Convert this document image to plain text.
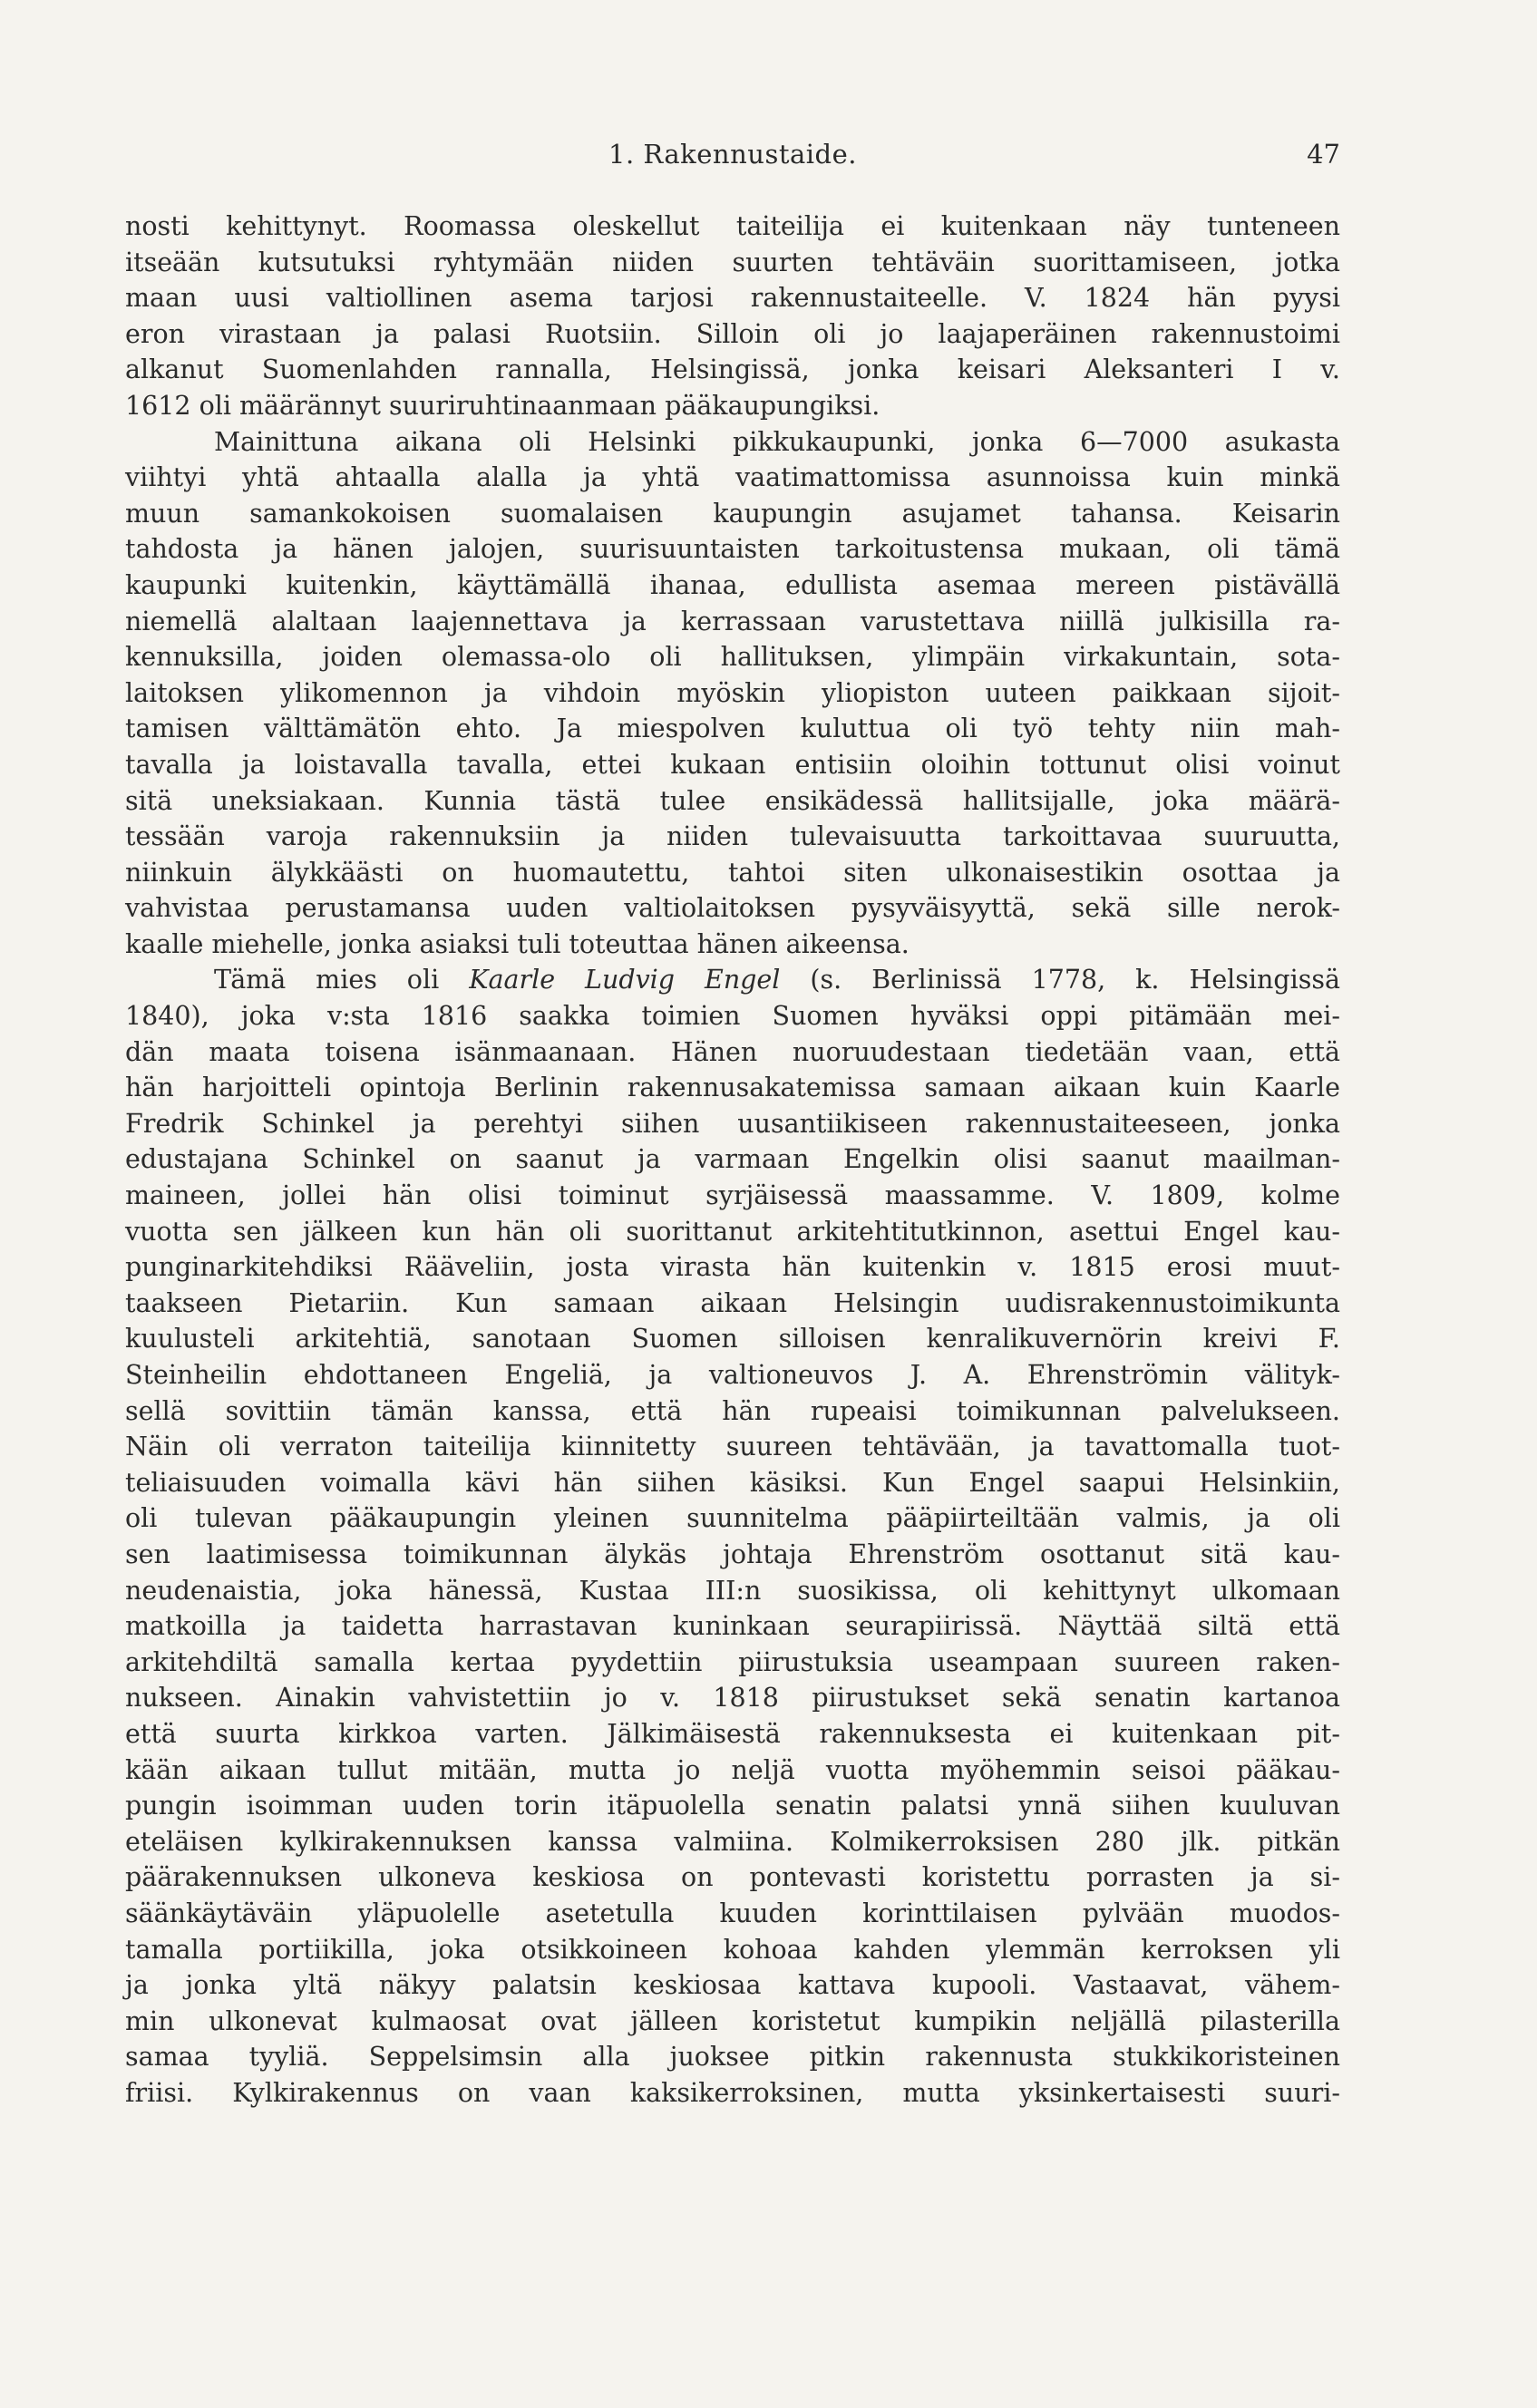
1. Rakennustaide.	47
nosti kehittynyt. Roomassa oleskellut taiteilija ei kuitenkaan näy tunteneen
itseään kutsutuksi ryhtymään niiden suurten tehtäväin suorittamiseen, jotka
maan uusi valtiollinen asema tarjosi rakennustaiteelle. V. 1824 hän pyysi
eron virastaan ja palasi Ruotsiin. Silloin oli jo laajaperäinen rakennustoimi
alkanut Suomenlahden rannalla, Helsingissä, jonka keisari Aleksanteri I v.
1612 oli määrännyt suuriruhtinaanmaan pääkaupungiksi.
Mainittuna aikana oli Helsinki pikkukaupunki, jonka 6—7000 asukasta
viihtyi yhtä ahtaalla alalla ja yhtä vaatimattomissa asunnoissa kuin minkä
muun samankokoisen suomalaisen kaupungin asujamet tahansa. Keisarin
tahdosta ja hänen jalojen, suurisuuntaisten tarkoitustensa mukaan, oli tämä
kaupunki kuitenkin, käyttämällä ihanaa, edullista asemaa mereen pistävällä
niemellä alaltaan laajennettava ja kerrassaan varustettava niillä julkisilla ra-
kennuksilla, joiden olemassa-olo oli hallituksen, ylimpäin virkakuntain, sota-
laitoksen ylikomennon ja vihdoin myöskin yliopiston uuteen paikkaan sijoit-
tamisen välttämätön ehto. Ja miespolven kuluttua oli työ tehty niin mah-
tavalla ja loistavalla tavalla, ettei kukaan entisiin oloihin tottunut olisi voinut
sitä uneksiakaan. Kunnia tästä tulee ensikädessä hallitsijalle, joka määrä-
tessään varoja rakennuksiin ja niiden tulevaisuutta tarkoittavaa suuruutta,
niinkuin älykkäästi on huomautettu, tahtoi siten ulkonaisestikin osottaa ja
vahvistaa perustamansa uuden valtiolaitoksen pysyväisyyttä, sekä sille nerok-
kaalle miehelle, jonka asiaksi tuli toteuttaa hänen aikeensa.
Tämä mies oli Kaarle Ludvig Engel (s. Berlinissä 1778, k. Helsingissä
1840), joka v:sta 1816 saakka toimien Suomen hyväksi oppi pitämään mei-
dän maata toisena isänmaanaan. Hänen nuoruudestaan tiedetään vaan, että
hän harjoitteli opintoja Berlinin rakennusakatemissa samaan aikaan kuin Kaarle
Fredrik Schinkel ja perehtyi siihen uusantiikiseen rakennustaiteeseen, jonka
edustajana Schinkel on saanut ja varmaan Engelkin olisi saanut maailman-
maineen, jollei hän olisi toiminut syrjäisessä maassamme. V. 1809, kolme
vuotta sen jälkeen kun hän oli suorittanut arkitehtitutkinnon, asettui Engel kau-
punginarkitehdiksi Rääveliin, josta virasta hän kuitenkin v. 1815 erosi muut-
taakseen Pietariin. Kun samaan aikaan Helsingin uudisrakennustoimikunta
kuulusteli arkitehtiä, sanotaan Suomen silloisen kenralikuvernörin kreivi F.
Steinheilin ehdottaneen Engeliä, ja valtioneuvos J. A. Ehrenströmin välityk-
sellä sovittiin tämän kanssa, että hän rupeaisi toimikunnan palvelukseen.
Näin oli verraton taiteilija kiinnitetty suureen tehtävään, ja tavattomalla tuot-
teliaisuuden voimalla kävi hän siihen käsiksi. Kun Engel saapui Helsinkiin,
oli tulevan pääkaupungin yleinen suunnitelma pääpiirteiltään valmis, ja oli
sen laatimisessa toimikunnan älykäs johtaja Ehrenström osottanut sitä kau-
neudenaistia, joka hänessä, Kustaa III:n suosikissa, oli kehittynyt ulkomaan
matkoilla ja taidetta harrastavan kuninkaan seurapiirissä. Näyttää siltä että
arkitehdiltä samalla kertaa pyydettiin piirustuksia useampaan suureen raken-
nukseen. Ainakin vahvistettiin jo v. 1818 piirustukset sekä senatin kartanoa
että suurta kirkkoa varten. Jälkimäisestä rakennuksesta ei kuitenkaan pit-
kään aikaan tullut mitään, mutta jo neljä vuotta myöhemmin seisoi pääkau-
pungin isoimman uuden torin itäpuolella senatin palatsi ynnä siihen kuuluvan
eteläisen kylkirakennuksen kanssa valmiina. Kolmikerroksisen 280 jlk. pitkän
päärakennuksen ulkoneva keskiosa on pontevasti koristettu porrasten ja si-
säänkäytäväin yläpuolelle asetetulla kuuden korinttilaisen pylvään muodos-
tamalla portiikilla, joka otsikkoineen kohoaa kahden ylemmän kerroksen yli
ja jonka yltä näkyy palatsin keskiosaa kattava kupooli. Vastaavat, vähem-
min ulkonevat kulmaosat ovat jälleen koristetut kumpikin neljällä pilasterilla
samaa tyyliä. Seppelsimsin alla juoksee pitkin rakennusta stukkikoristeinen
friisi. Kylkirakennus on vaan kaksikerroksinen, mutta yksinkertaisesti suuri-
